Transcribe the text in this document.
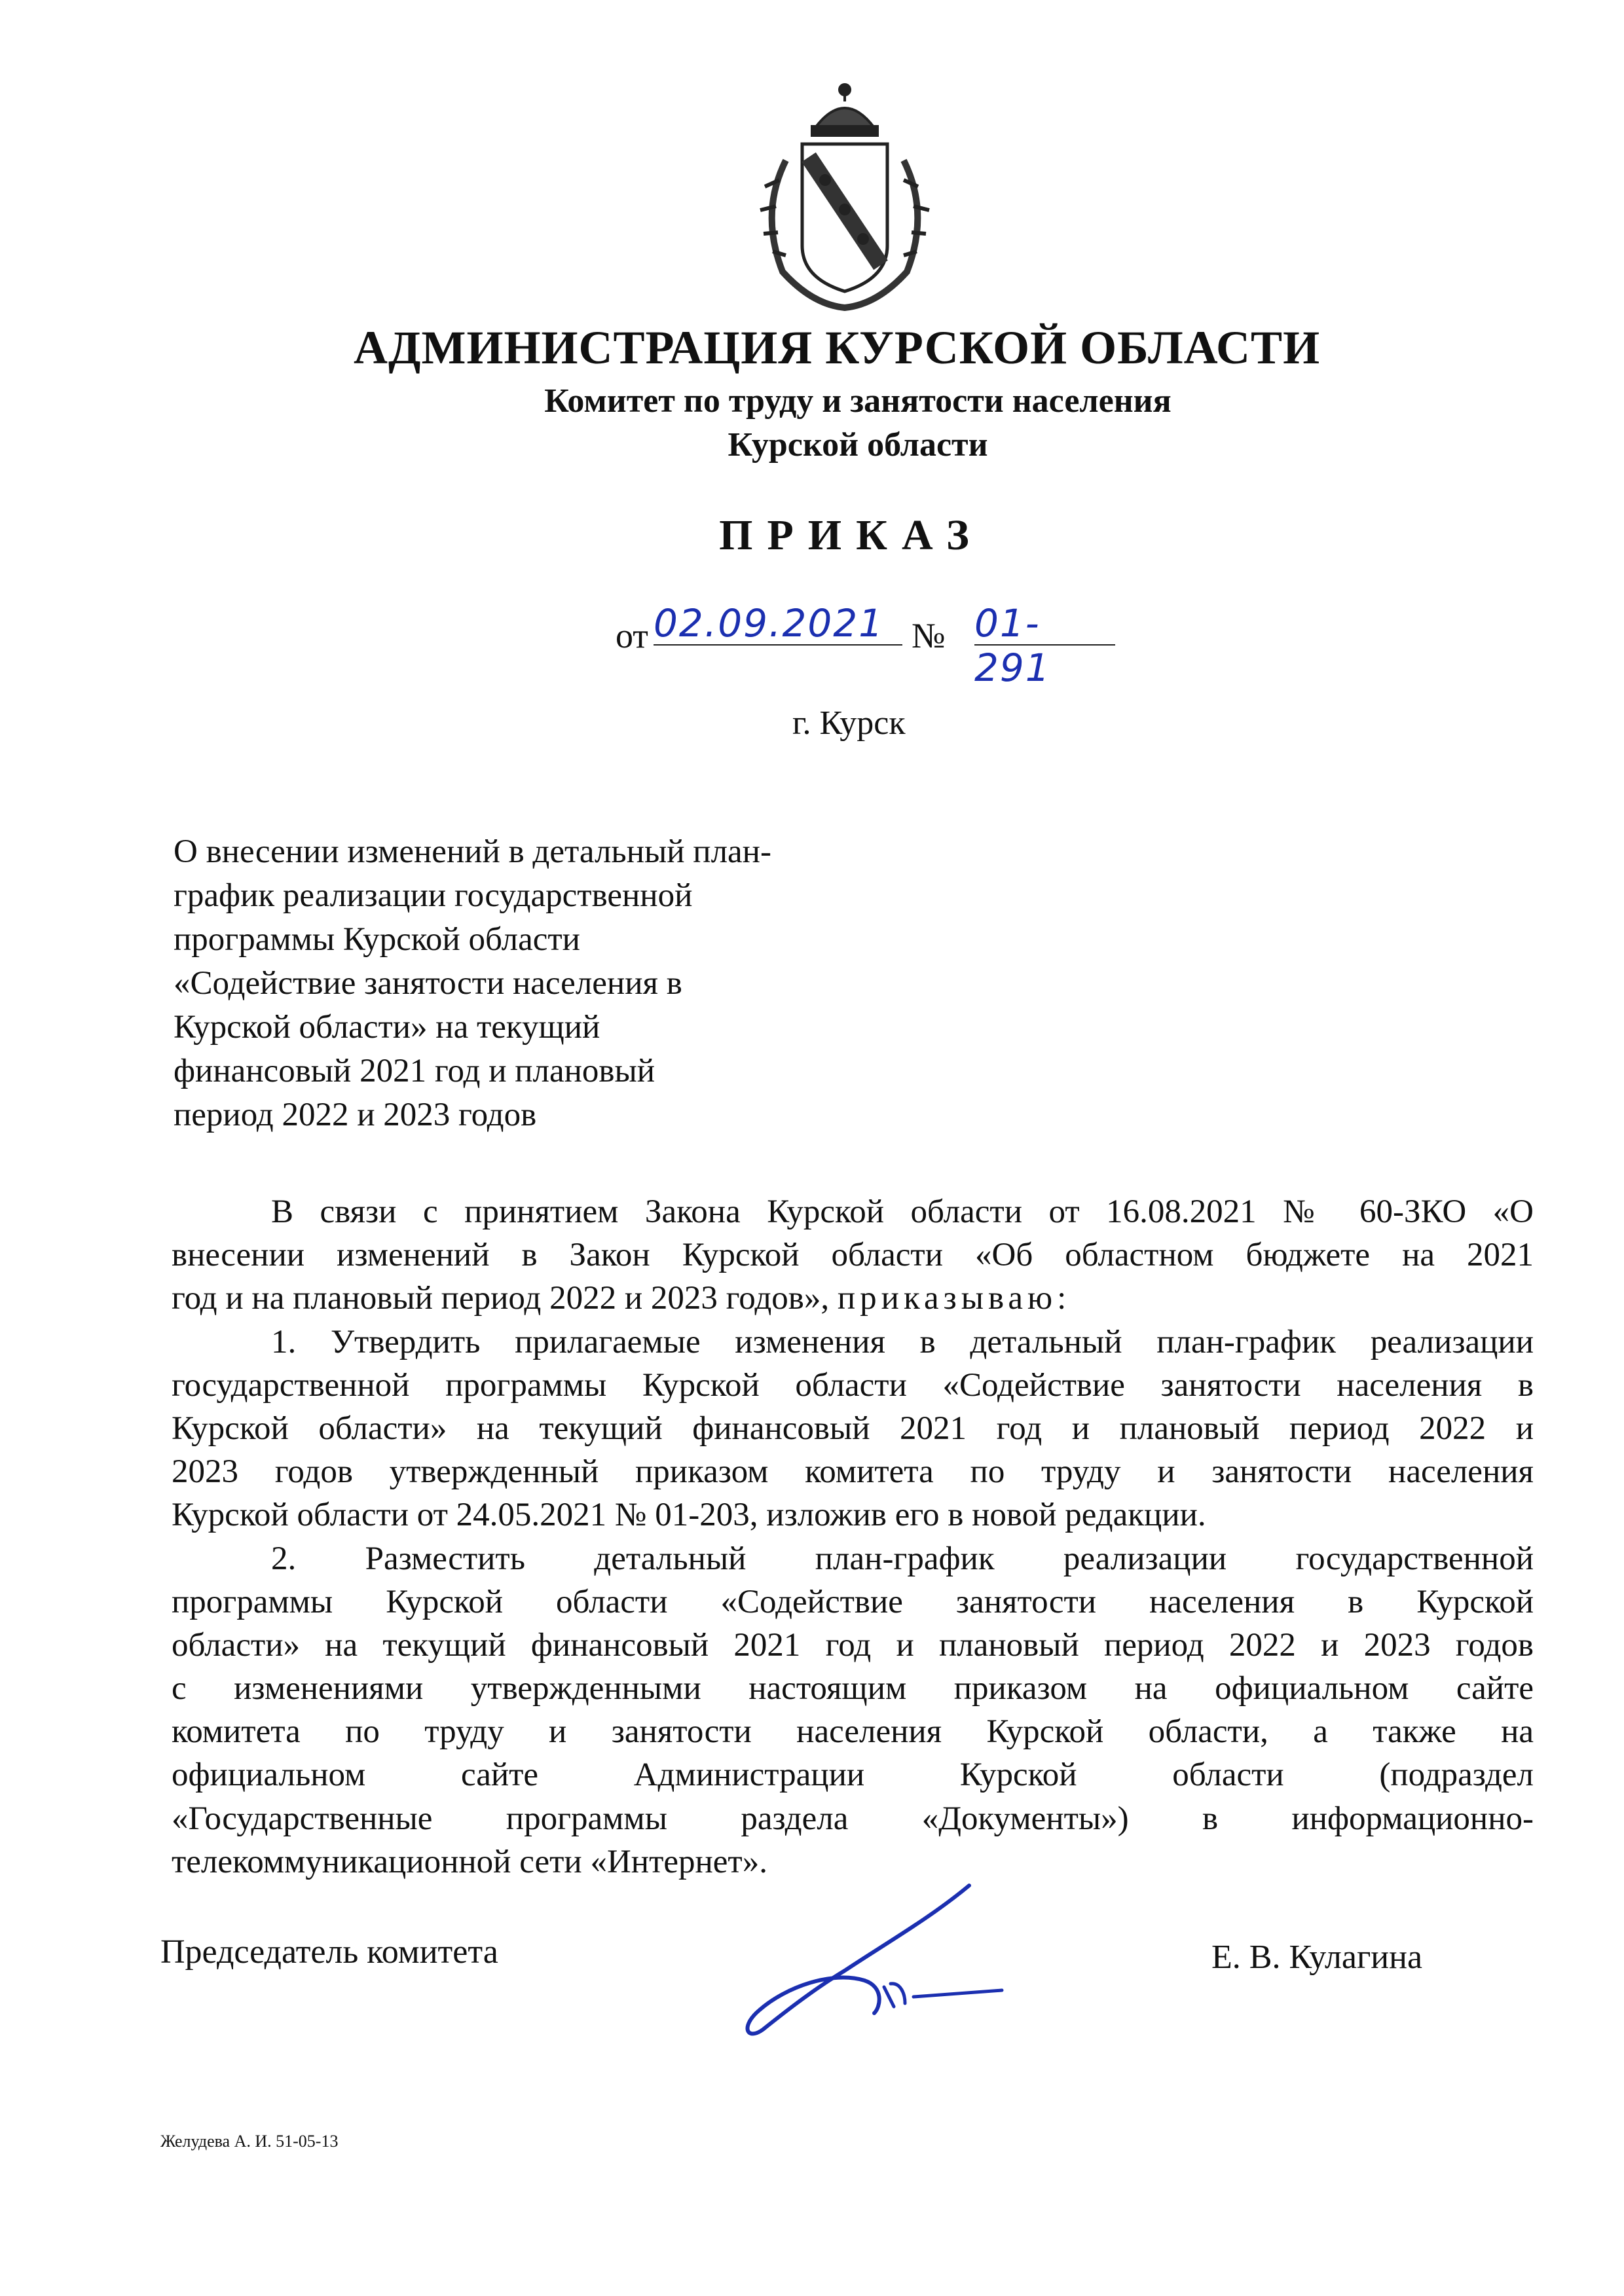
АДМИНИСТРАЦИЯ КУРСКОЙ ОБЛАСТИ
Комитет по труду и занятости населения
Курской области
ПРИКАЗ
от 02.09.2021 № 01-291
г. Курск
О внесении изменений в детальный план-
график реализации государственной
программы Курской области
«Содействие занятости населения в
Курской области» на текущий
финансовый 2021 год и плановый
период 2022 и 2023 годов
В связи с принятием Закона Курской области от 16.08.2021 № 60-ЗКО «О
внесении изменений в Закон Курской области «Об областном бюджете на 2021
год и на плановый период 2022 и 2023 годов», приказываю:
1. Утвердить прилагаемые изменения в детальный план-график реализации
государственной программы Курской области «Содействие занятости населения в
Курской области» на текущий финансовый 2021 год и плановый период 2022 и
2023 годов утвержденный приказом комитета по труду и занятости населения
Курской области от 24.05.2021 № 01-203, изложив его в новой редакции.
2. Разместить детальный план-график реализации государственной
программы Курской области «Содействие занятости населения в Курской
области» на текущий финансовый 2021 год и плановый период 2022 и 2023 годов
с изменениями утвержденными настоящим приказом на официальном сайте
комитета по труду и занятости населения Курской области, а также на
официальном сайте Администрации Курской области (подраздел
«Государственные программы раздела «Документы») в информационно-
телекоммуникационной сети «Интернет».
Председатель комитета	Е. В. Кулагина
Желудева А. И. 51-05-13
